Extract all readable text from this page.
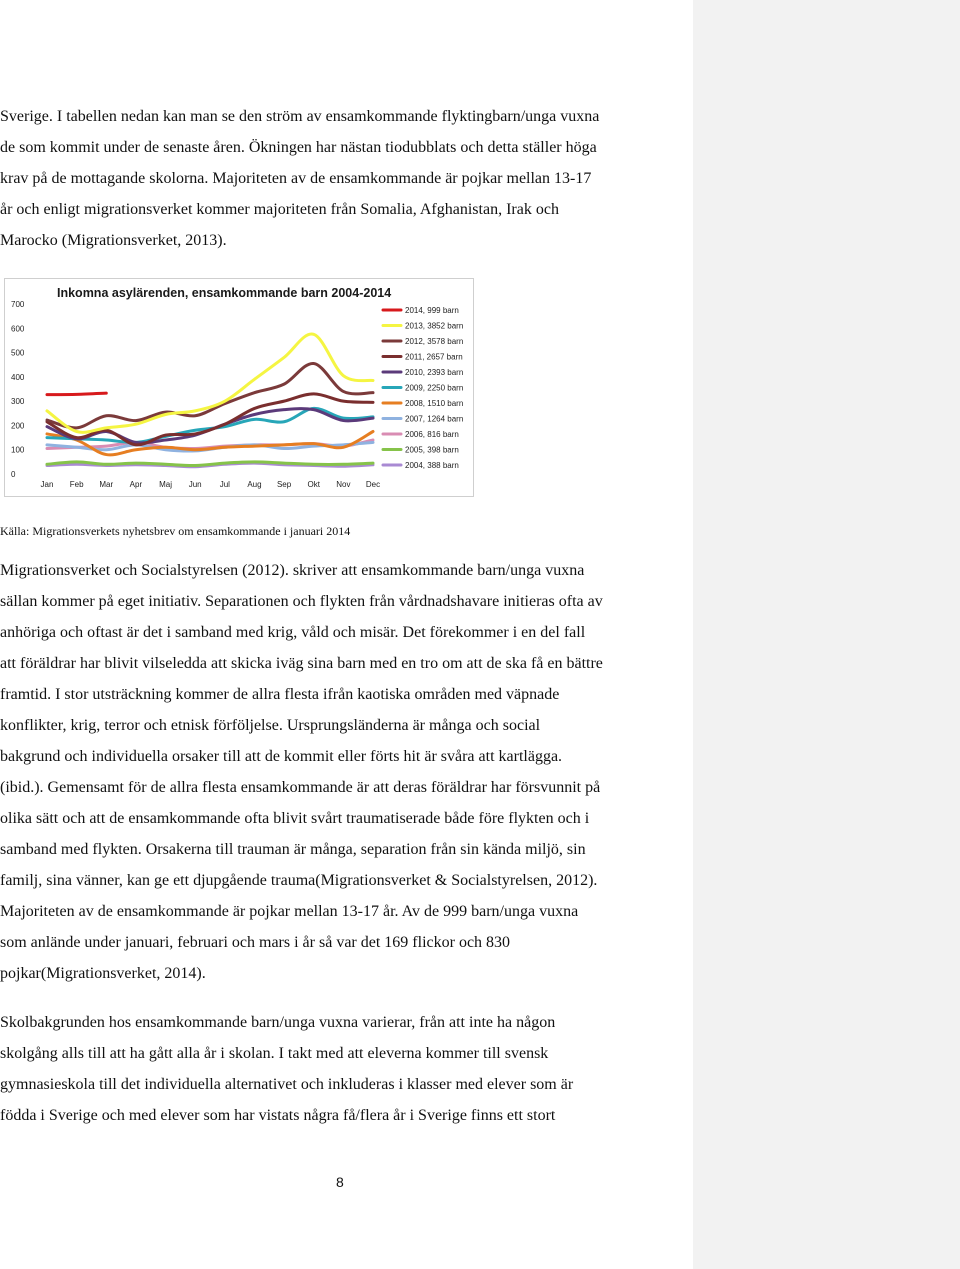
Sverige. I tabellen nedan kan man se den ström av ensamkommande flyktingbarn/unga vuxna
de som kommit under de senaste åren. Ökningen har nästan tiodubblats och detta ställer höga
krav på de mottagande skolorna. Majoriteten av de ensamkommande är pojkar mellan 13-17
år och enligt migrationsverket kommer majoriteten från Somalia, Afghanistan, Irak och
Marocko (Migrationsverket, 2013).

Inkomna asylärenden, ensamkommande barn 2004-2014
0
100
200
300
400
500
600
700
Jan Feb Mar Apr Maj Jun Jul Aug Sep Okt Nov Dec
2014, 999 barn
2013, 3852 barn
2012, 3578 barn
2011, 2657 barn
2010, 2393 barn
2009, 2250 barn
2008, 1510 barn
2007, 1264 barn
2006, 816 barn
2005, 398 barn
2004, 388 barn

Källa: Migrationsverkets nyhetsbrev om ensamkommande i januari 2014

Migrationsverket och Socialstyrelsen (2012). skriver att ensamkommande barn/unga vuxna
sällan kommer på eget initiativ. Separationen och flykten från vårdnadshavare initieras ofta av
anhöriga och oftast är det i samband med krig, våld och misär. Det förekommer i en del fall
att föräldrar har blivit vilseledda att skicka iväg sina barn med en tro om att de ska få en bättre
framtid. I stor utsträckning kommer de allra flesta ifrån kaotiska områden med väpnade
konflikter, krig, terror och etnisk förföljelse. Ursprungsländerna är många och social
bakgrund och individuella orsaker till att de kommit eller förts hit är svåra att kartlägga.
(ibid.). Gemensamt för de allra flesta ensamkommande är att deras föräldrar har försvunnit på
olika sätt och att de ensamkommande ofta blivit svårt traumatiserade både före flykten och i
samband med flykten. Orsakerna till trauman är många, separation från sin kända miljö, sin
familj, sina vänner, kan ge ett djupgående trauma(Migrationsverket & Socialstyrelsen, 2012).
Majoriteten av de ensamkommande är pojkar mellan 13-17 år. Av de 999 barn/unga vuxna
som anlände under januari, februari och mars i år så var det 169 flickor och 830
pojkar(Migrationsverket, 2014).

Skolbakgrunden hos ensamkommande barn/unga vuxna varierar, från att inte ha någon
skolgång alls till att ha gått alla år i skolan. I takt med att eleverna kommer till svensk
gymnasieskola till det individuella alternativet och inkluderas i klasser med elever som är
födda i Sverige och med elever som har vistats några få/flera år i Sverige finns ett stort

8
